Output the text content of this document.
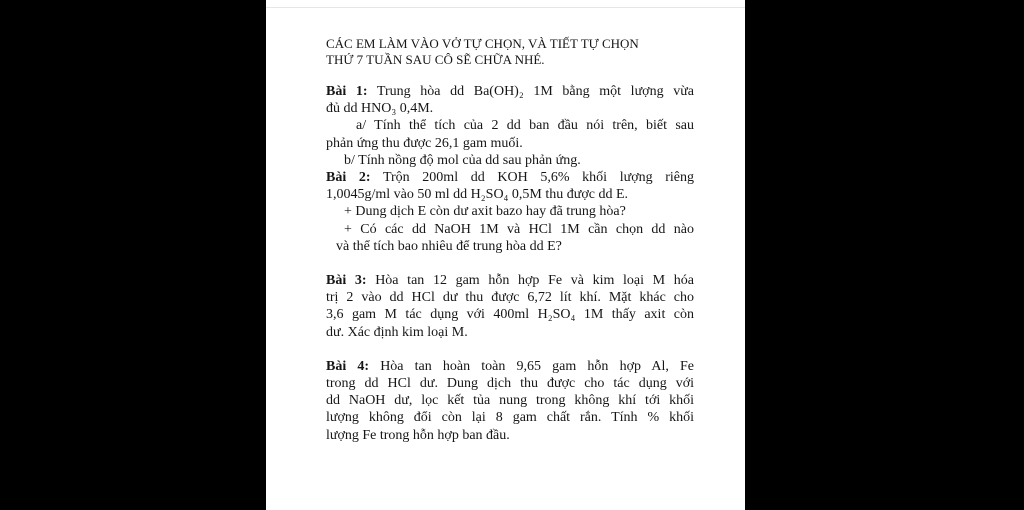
CÁC EM LÀM VÀO VỞ TỰ CHỌN, VÀ TIẾT TỰ CHỌN
THỨ 7 TUẦN SAU CÔ SẼ CHỮA NHÉ.
Bài 1: Trung hòa dd Ba(OH)₂ 1M bằng một lượng vừa
đủ dd HNO₃ 0,4M.
a/ Tính thể tích của 2 dd ban đầu nói trên, biết sau
phản ứng thu được 26,1 gam muối.
b/ Tính nồng độ mol của dd sau phản ứng.
Bài 2: Trộn 200ml dd KOH 5,6% khối lượng riêng
1,0045g/ml vào 50 ml dd H₂SO₄ 0,5M thu được dd E.
+ Dung dịch E còn dư axit bazo hay đã trung hòa?
+ Có các dd NaOH 1M và HCl 1M cần chọn dd nào
và thể tích bao nhiêu để trung hòa dd E?
Bài 3: Hòa tan 12 gam hỗn hợp Fe và kim loại M hóa
trị 2 vào dd HCl dư thu được 6,72 lít khí. Mặt khác cho
3,6 gam M tác dụng với 400ml H₂SO₄ 1M thấy axit còn
dư. Xác định kim loại M.
Bài 4: Hòa tan hoàn toàn 9,65 gam hỗn hợp Al, Fe
trong dd HCl dư. Dung dịch thu được cho tác dụng với
dd NaOH dư, lọc kết tủa nung trong không khí tới khối
lượng không đổi còn lại 8 gam chất rắn. Tính % khối
lượng Fe trong hỗn hợp ban đầu.
